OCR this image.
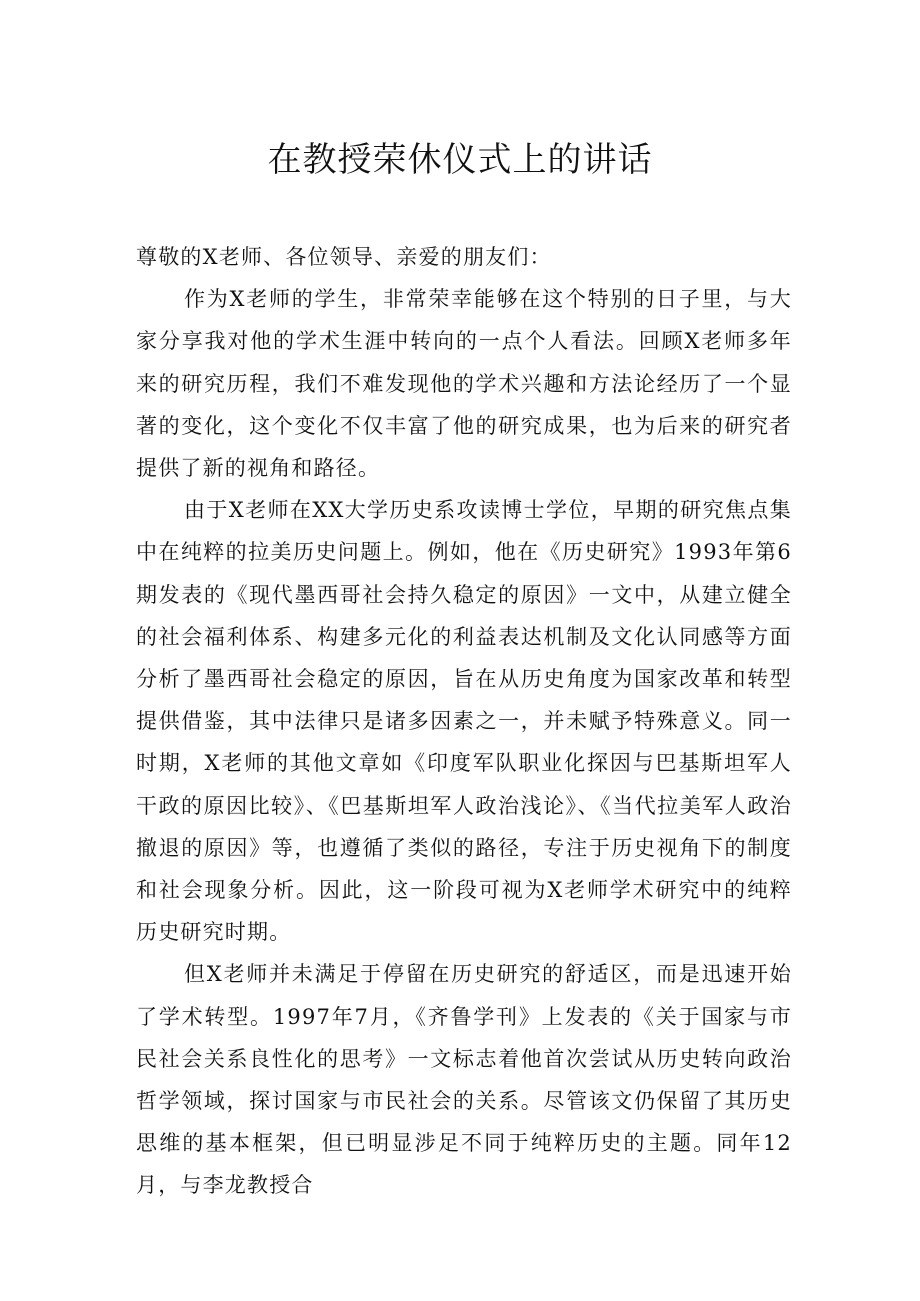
在教授荣休仪式上的讲话

尊敬的X老师、各位领导、亲爱的朋友们：

作为X老师的学生，非常荣幸能够在这个特别的日子里，与大家分享我对他的学术生涯中转向的一点个人看法。回顾X老师多年来的研究历程，我们不难发现他的学术兴趣和方法论经历了一个显著的变化，这个变化不仅丰富了他的研究成果，也为后来的研究者提供了新的视角和路径。

由于X老师在XX大学历史系攻读博士学位，早期的研究焦点集中在纯粹的拉美历史问题上。例如，他在《历史研究》1993年第6期发表的《现代墨西哥社会持久稳定的原因》一文中，从建立健全的社会福利体系、构建多元化的利益表达机制及文化认同感等方面分析了墨西哥社会稳定的原因，旨在从历史角度为国家改革和转型提供借鉴，其中法律只是诸多因素之一，并未赋予特殊意义。同一时期，X老师的其他文章如《印度军队职业化探因与巴基斯坦军人干政的原因比较》、《巴基斯坦军人政治浅论》、《当代拉美军人政治撤退的原因》等，也遵循了类似的路径，专注于历史视角下的制度和社会现象分析。因此，这一阶段可视为X老师学术研究中的纯粹历史研究时期。

但X老师并未满足于停留在历史研究的舒适区，而是迅速开始了学术转型。1997年7月，《齐鲁学刊》上发表的《关于国家与市民社会关系良性化的思考》一文标志着他首次尝试从历史转向政治哲学领域，探讨国家与市民社会的关系。尽管该文仍保留了其历史思维的基本框架，但已明显涉足不同于纯粹历史的主题。同年12月，与李龙教授合
